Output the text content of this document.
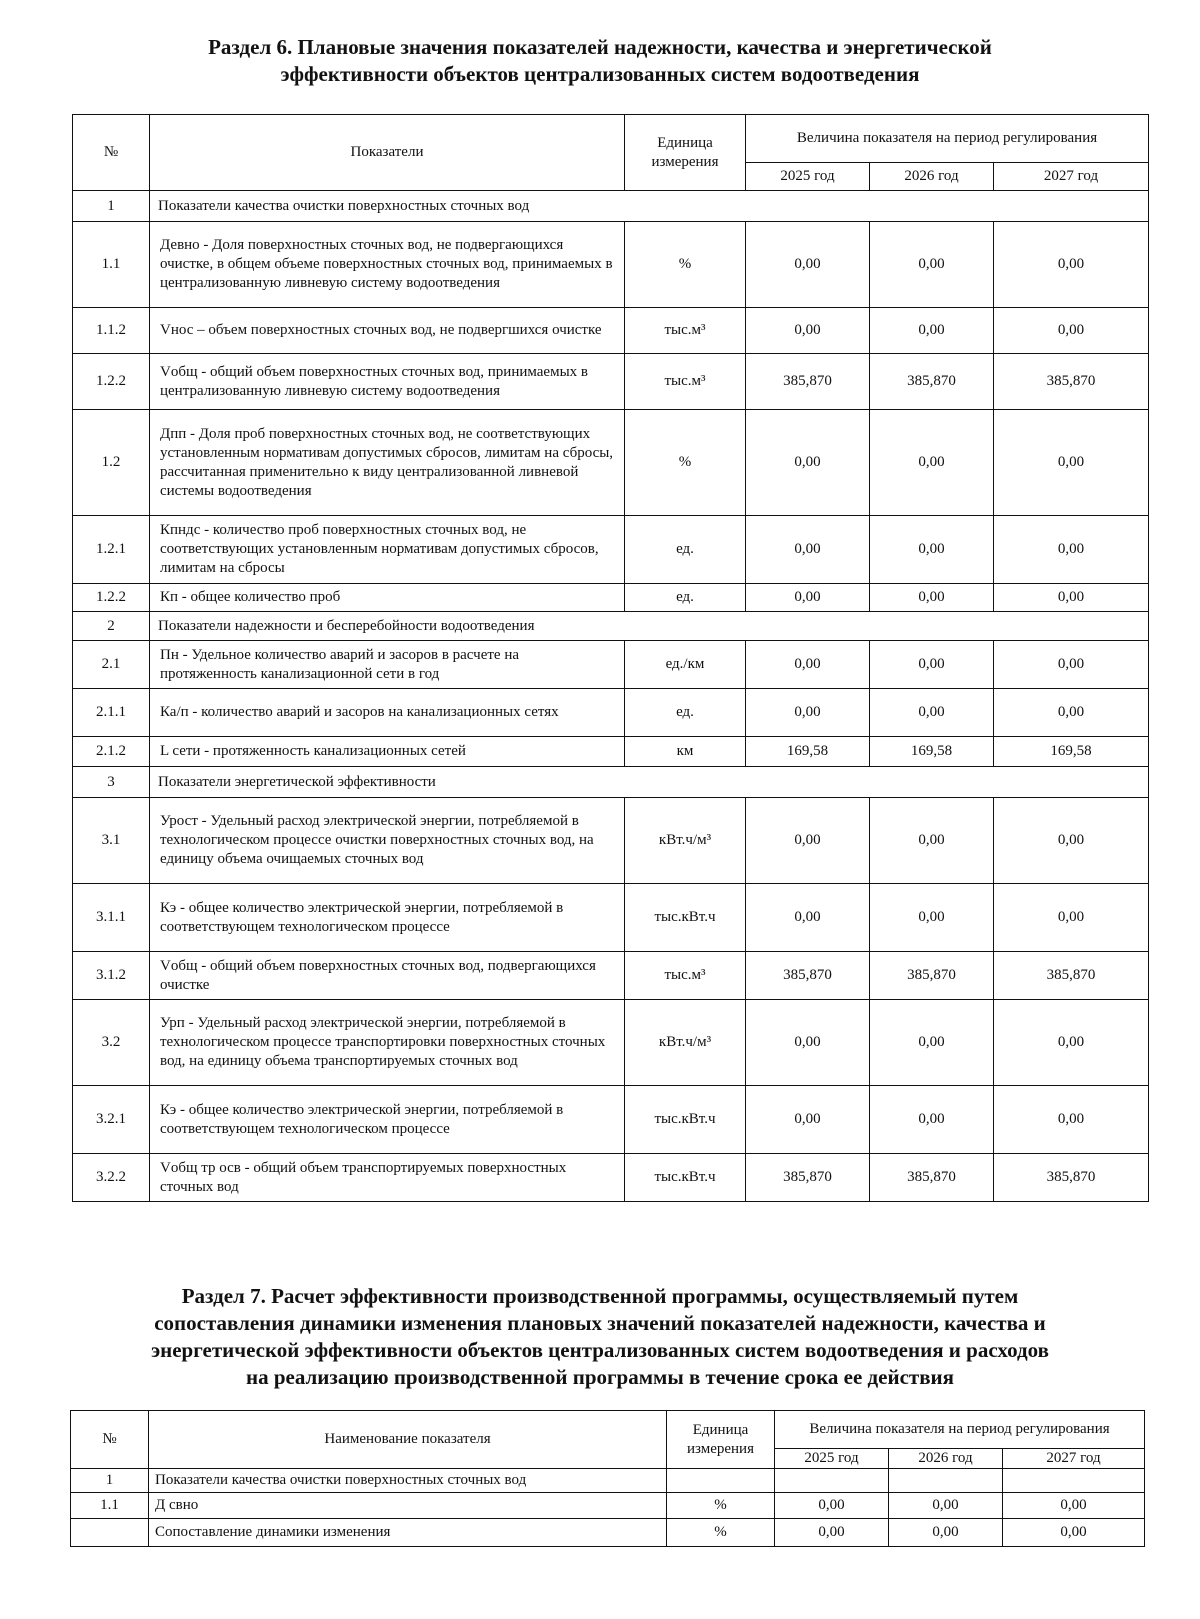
Раздел 6. Плановые значения показателей надежности, качества и энергетической
эффективности объектов централизованных систем водоотведения
№	Показатели	Единица измерения	Величина показателя на период регулирования		
			2025 год	2026 год	2027 год
1	Показатели качества очистки поверхностных сточных вод				
1.1	Девно - Доля поверхностных сточных вод, не подвергающихся очистке, в общем объеме поверхностных сточных вод, принимаемых в централизованную ливневую систему водоотведения	%	0,00	0,00	0,00
1.1.2	Vнос – объем поверхностных сточных вод, не подвергшихся очистке	тыс.м³	0,00	0,00	0,00
1.2.2	Vобщ - общий объем поверхностных сточных вод, принимаемых в централизованную ливневую систему водоотведения	тыс.м³	385,870	385,870	385,870
1.2	Дпп - Доля проб поверхностных сточных вод, не соответствующих установленным нормативам допустимых сбросов, лимитам на сбросы, рассчитанная применительно к виду централизованной ливневой системы водоотведения	%	0,00	0,00	0,00
1.2.1	Кпндс - количество проб поверхностных сточных вод, не соответствующих установленным нормативам допустимых сбросов, лимитам на сбросы	ед.	0,00	0,00	0,00
1.2.2	Кп - общее количество проб	ед.	0,00	0,00	0,00
2	Показатели надежности и бесперебойности водоотведения				
2.1	Пн - Удельное количество аварий и засоров в расчете на протяженность канализационной сети в год	ед./км	0,00	0,00	0,00
2.1.1	Ка/п - количество аварий и засоров на канализационных сетях	ед.	0,00	0,00	0,00
2.1.2	L сети - протяженность канализационных сетей	км	169,58	169,58	169,58
3	Показатели энергетической эффективности				
3.1	Урост - Удельный расход электрической энергии, потребляемой в технологическом процессе очистки поверхностных сточных вод, на единицу объема очищаемых сточных вод	кВт.ч/м³	0,00	0,00	0,00
3.1.1	Кэ - общее количество электрической энергии, потребляемой в соответствующем технологическом процессе	тыс.кВт.ч	0,00	0,00	0,00
3.1.2	Vобщ - общий объем поверхностных сточных вод, подвергающихся очистке	тыс.м³	385,870	385,870	385,870
3.2	Урп - Удельный расход электрической энергии, потребляемой в технологическом процессе транспортировки поверхностных сточных вод, на единицу объема транспортируемых сточных вод	кВт.ч/м³	0,00	0,00	0,00
3.2.1	Кэ - общее количество электрической энергии, потребляемой в соответствующем технологическом процессе	тыс.кВт.ч	0,00	0,00	0,00
3.2.2	Vобщ тр осв - общий объем транспортируемых поверхностных сточных вод	тыс.кВт.ч	385,870	385,870	385,870
Раздел 7. Расчет эффективности производственной программы, осуществляемый путем
сопоставления динамики изменения плановых значений показателей надежности, качества и
энергетической эффективности объектов централизованных систем водоотведения и расходов
на реализацию производственной программы в течение срока ее действия
№	Наименование показателя	Единица измерения	Величина показателя на период регулирования		
			2025 год	2026 год	2027 год
1	Показатели качества очистки поверхностных сточных вод				
1.1	Д свно	%	0,00	0,00	0,00
	Сопоставление динамики изменения	%	0,00	0,00	0,00
